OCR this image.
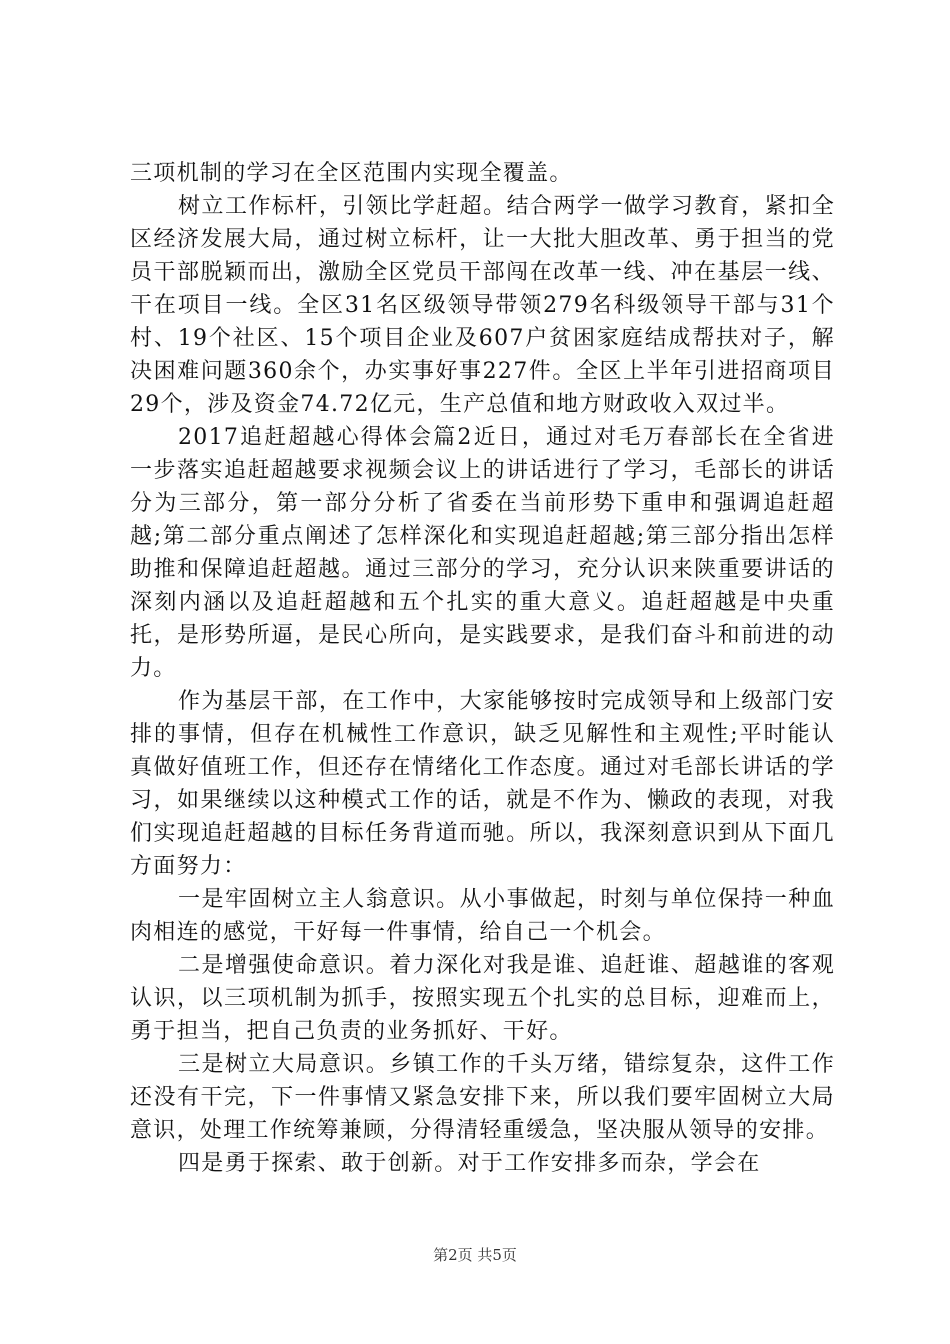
三项机制的学习在全区范围内实现全覆盖。

树立工作标杆，引领比学赶超。结合两学一做学习教育，紧扣全区经济发展大局，通过树立标杆，让一大批大胆改革、勇于担当的党员干部脱颖而出，激励全区党员干部闯在改革一线、冲在基层一线、干在项目一线。全区31名区级领导带领279名科级领导干部与31个村、19个社区、15个项目企业及607户贫困家庭结成帮扶对子，解决困难问题360余个，办实事好事227件。全区上半年引进招商项目29个，涉及资金74.72亿元，生产总值和地方财政收入双过半。

2017追赶超越心得体会篇2近日，通过对毛万春部长在全省进一步落实追赶超越要求视频会议上的讲话进行了学习，毛部长的讲话分为三部分，第一部分分析了省委在当前形势下重申和强调追赶超越;第二部分重点阐述了怎样深化和实现追赶超越;第三部分指出怎样助推和保障追赶超越。通过三部分的学习，充分认识来陕重要讲话的深刻内涵以及追赶超越和五个扎实的重大意义。追赶超越是中央重托，是形势所逼，是民心所向，是实践要求，是我们奋斗和前进的动力。

作为基层干部，在工作中，大家能够按时完成领导和上级部门安排的事情，但存在机械性工作意识，缺乏见解性和主观性;平时能认真做好值班工作，但还存在情绪化工作态度。通过对毛部长讲话的学习，如果继续以这种模式工作的话，就是不作为、懒政的表现，对我们实现追赶超越的目标任务背道而驰。所以，我深刻意识到从下面几方面努力：

一是牢固树立主人翁意识。从小事做起，时刻与单位保持一种血肉相连的感觉，干好每一件事情，给自己一个机会。

二是增强使命意识。着力深化对我是谁、追赶谁、超越谁的客观认识，以三项机制为抓手，按照实现五个扎实的总目标，迎难而上，勇于担当，把自己负责的业务抓好、干好。

三是树立大局意识。乡镇工作的千头万绪，错综复杂，这件工作还没有干完，下一件事情又紧急安排下来，所以我们要牢固树立大局意识，处理工作统筹兼顾，分得清轻重缓急，坚决服从领导的安排。

四是勇于探索、敢于创新。对于工作安排多而杂，学会在

第2页 共5页
